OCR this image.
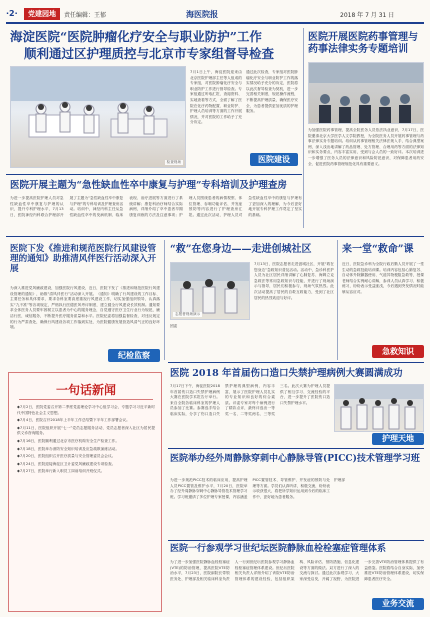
·2·	党建园地	责任编辑：王郁	海医院报	2018 年 7 月 31 日
海淀医院“医院肿瘤化疗安全与职业防护”工作
顺利通过区护理质控与北京市专家组督导检查
检查现场
7月1日上午，海淀医院迎来由北京医院护理部主任等人组成的专家组，对医院肿瘤化疗安全与职业防护工作进行督导检查。专家组通过听取汇报、查阅资料、实地查看等方式，全面了解了医院在化疗药物配置、职业防护、护理人员培训等方面的工作开展情况，并对医院的工作给予了充分肯定。
通过此次检查，专家组对医院肿瘤化疗安全与职业防护工作的落实情况给予充分的肯定，医院将以此次督导检查为契机，进一步完善相关制度，规范操作流程，不断提高护理质量，确保医疗安全，为患者提供更加优质的护理服务。
医院建设
医院开展医院药事管理与药事法律实务专题培训
为加强医院药事管理，提高全院医务人员依法执业意识，7月17日，医院邀请北京大学医学人文学院教授，为全院医务人员开展药事管理与药事法律实务专题培训。培训从药事管理相关法律法规入手，结合典型案例，深入浅出地讲解了药品管理、处方管理、合理用药等方面的法律知识和实务要点，内容丰富实用，受到与会人员的一致好评。本次培训进一步增强了医务人员的法律意识和风险防范意识，对保障患者用药安全、促进医院药事管理规范化具有重要意义。
医院开展主题为“急性缺血性卒中康复与护理”专科培训及护理查房
为进一步提高医院护理人员对急性缺血性卒中康复与护理的认识，提升专科护理水平，7月13日，医院神经内科联合护理部开展了主题为“急性缺血性卒中康复与护理”的专科培训及护理查房活动。培训中，神经内科主任从急性缺血性卒中的发病机制、临床表现、治疗进展等方面进行了系统讲解；康复科治疗师结合实际病例，详细介绍了卒中患者早期康复训练的方法及注意事项；护理人员围绕患者的病情观察、体位管理、吞咽功能评估、并发症预防等内容进行了护理查房汇报。通过此次活动，护理人员对急性缺血性卒中的康复与护理有了更加深入的理解，为今后更好地开展专科护理工作奠定了坚实的基础。
医院下发《推进和规范医院行风建设管理的通知》助推清风伴医行活动深入开展
为深入推进党风廉政建设，加强医院行风建设，近日，医院下发了《推进和规范医院行风建设管理的通知》，助推“清风伴医行”活动深入开展。《通知》明确了行风建设的工作目标、主要任务和具体要求，要求各科室要高度重视行风建设工作，切实加强组织领导，认真落实“九不准”等各项规定，严格执行医德医风考评制度，建立健全行风建设长效机制。通知要求全体医务人员要牢固树立以患者为中心的服务理念，自觉遵守医疗卫生行业行为规范，廉洁行医，诚信服务，不断提升医疗服务质量和水平。医院纪委将加强监督检查，对违反规定的行为严肃查处，确保行风建设各项工作落到实处，为医院健康发展营造风清气正的良好环境。
纪检监察
“救”在您身边——走进创城社区
志愿者现场演示
7月13日，医院志愿者走进创城社区，开展“救在您身边”急救知识普及活动。活动中，急诊科医护人员为社区居民详细讲解了心肺复苏、海姆立克急救法等常用急救知识与技能，并进行了现场演示与指导，居民们积极参与，现场气氛热烈。此次活动提高了居民的自救互救能力，受到了社区居民的热烈欢迎与好评。
团委
来一堂“救命”课
近日，医院急诊科为全院行政后勤人员开展了一堂生动的急救技能培训课。培训内容包括心肺复苏、自动体外除颤器使用、气道异物梗阻急救等，授课老师结合实例耐心讲解，参训人员认真学习、积极练习，纷纷表示受益匪浅，今后遇到突发情况时能够从容应对。
急救知识
医院 2018 年首届伤口造口失禁护理病例大赛圆满成功
7月17日下午，海淀医院2018年首届伤口造口失禁护理病例大赛在医院学术报告厅举行。来自全院各临床科室的护理人员参加了比赛。参赛选手结合临床实际，分享了伤口造口失禁护理的典型病例，内容丰富，展示了医院护理人员扎实的专业知识和良好的综合素质。评委专家对每个病例进行了精彩点评，最终评选出一等奖一名、二等奖两名、三等奖三名。此次大赛为护理人员提供了相互学习、交流经验的平台，进一步提升了医院伤口造口失禁护理水平。
护理天地
医院举办经外周静脉穿刺中心静脉导管(PICC)技术管理学习班
为进一步规范PICC技术的临床应用，提高护理人员PICC置管及维护水平，7月20日，医院举办了经外周静脉穿刺中心静脉导管技术管理学习班。学习班邀请了多位护理专家授课，内容涵盖PICC置管技术、导管维护、并发症的预防与处理等方面。学员们认真听讲，积极交流，纷纷表示收获很大，将把所学知识运用到今后的临床工作中，更好地为患者服务。
护理部
医院一行参观学习世纪坛医院静脉血栓栓塞症管理体系
为了进一步加强医院静脉血栓栓塞症(VTE)的防治管理，提高医院VTE防治水平，7月23日，医院副院长带领医务处、护理部及相关临床科室负责人一行到世纪坛医院参观学习静脉血栓栓塞症管理体系建设。世纪坛医院相关负责人详细介绍了该院VTE防治管理体系的建设经验，包括组织架构、风险评估、预防措施、信息化建设等方面的做法。双方进行了深入的交流与探讨。通过此次参观学习，大家深受启发，开阔了视野，为医院进一步完善VTE防治管理体系提供了有益借鉴。医院将结合自身实际，加快推进VTE防治管理体系建设，切实保障患者医疗安全。
业务交流
一句话新闻

◆7月2日，医院党委召开第二季度党委理论学习中心组学习会，专题学习习近平新时代中国特色社会主义思想。

◆7月4日，医院召开2018年上半年工作总结暨下半年工作部署会议。

◆7月11日，医院组织开展“七一”党员志愿服务活动，党员志愿者深入社区为居民提供义诊咨询服务。

◆7月16日，医院顺利通过北京市医疗机构安全生产检查工作。

◆7月18日，医院举办消防安全知识培训及应急疏散演练活动。

◆7月20日，医院组织召开医疗质量与安全管理委员会会议。

◆7月24日，医院迎接海淀区卫计委党风廉政建设专项检查。

◆7月27日，医院举行新入职员工岗前培训开班仪式。
